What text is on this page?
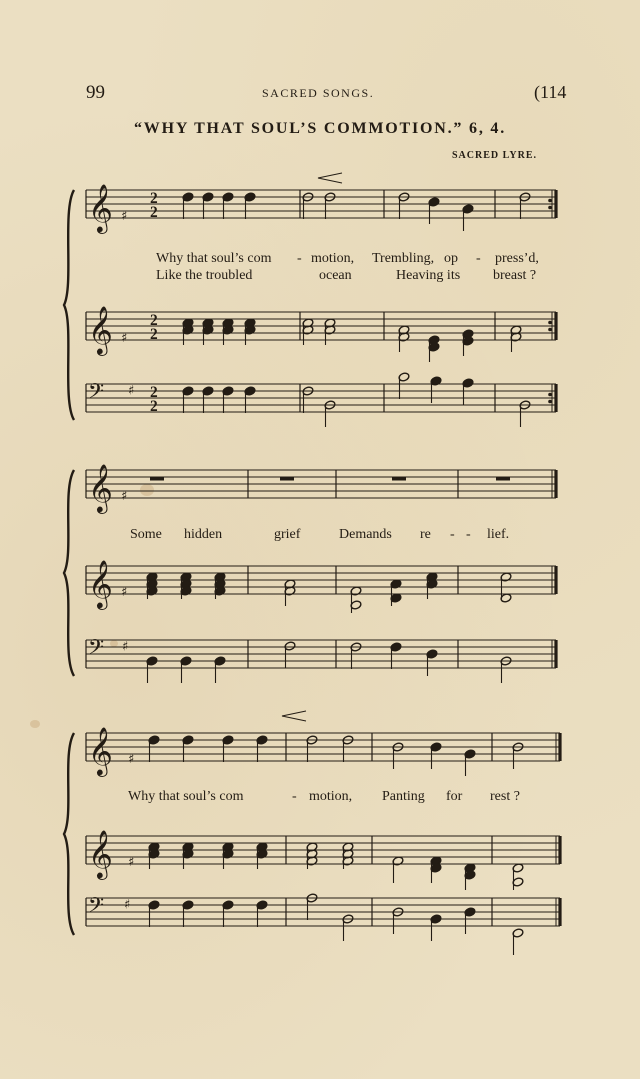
99	SACRED SONGS.	(114
“WHY THAT SOUL’S COMMOTION.” 6, 4.
SACRED LYRE.
𝄞 ♯
2
2
𝄞 ♯
2
2
𝄢 ♯ 2
2
𝄞 ♯
𝄞 ♯
𝄢 ♯
𝄞 ♯
𝄞 ♯
𝄢 ♯
Why that soul’s com - motion, Trembling, op - press’d,
Like the troubled	ocean	Heaving its breast ?
Some hidden	grief	Demands re - - lief.
Why that soul’s com	- motion, Panting for rest ?
